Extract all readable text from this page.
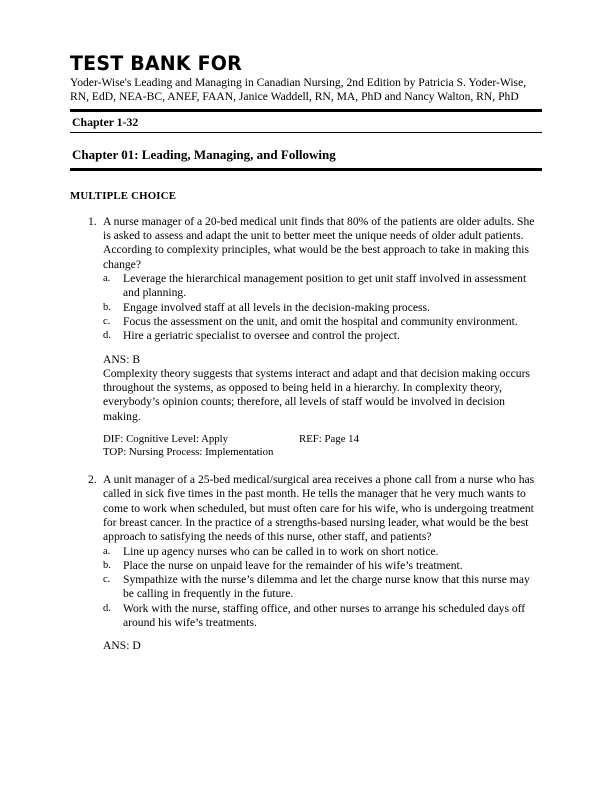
TEST BANK FOR

Yoder-Wise's Leading and Managing in Canadian Nursing, 2nd Edition by Patricia S. Yoder-Wise, RN, EdD, NEA-BC, ANEF, FAAN, Janice Waddell, RN, MA, PhD and Nancy Walton, RN, PhD

Chapter 1-32
Chapter 01: Leading, Managing, and Following
MULTIPLE CHOICE
1. A nurse manager of a 20-bed medical unit finds that 80% of the patients are older adults. She is asked to assess and adapt the unit to better meet the unique needs of older adult patients. According to complexity principles, what would be the best approach to take in making this change?

a. Leverage the hierarchical management position to get unit staff involved in assessment and planning.
b. Engage involved staff at all levels in the decision-making process.
c. Focus the assessment on the unit, and omit the hospital and community environment.
d. Hire a geriatric specialist to oversee and control the project.
ANS: B

Complexity theory suggests that systems interact and adapt and that decision making occurs throughout the systems, as opposed to being held in a hierarchy. In complexity theory, everybody’s opinion counts; therefore, all levels of staff would be involved in decision making.

DIF: Cognitive Level: Apply	REF: Page 14
TOP: Nursing Process: Implementation
2. A unit manager of a 25-bed medical/surgical area receives a phone call from a nurse who has called in sick five times in the past month. He tells the manager that he very much wants to come to work when scheduled, but must often care for his wife, who is undergoing treatment for breast cancer. In the practice of a strengths-based nursing leader, what would be the best approach to satisfying the needs of this nurse, other staff, and patients?

a. Line up agency nurses who can be called in to work on short notice.
b. Place the nurse on unpaid leave for the remainder of his wife’s treatment.
c. Sympathize with the nurse’s dilemma and let the charge nurse know that this nurse may be calling in frequently in the future.
d. Work with the nurse, staffing office, and other nurses to arrange his scheduled days off around his wife’s treatments.
ANS: D
